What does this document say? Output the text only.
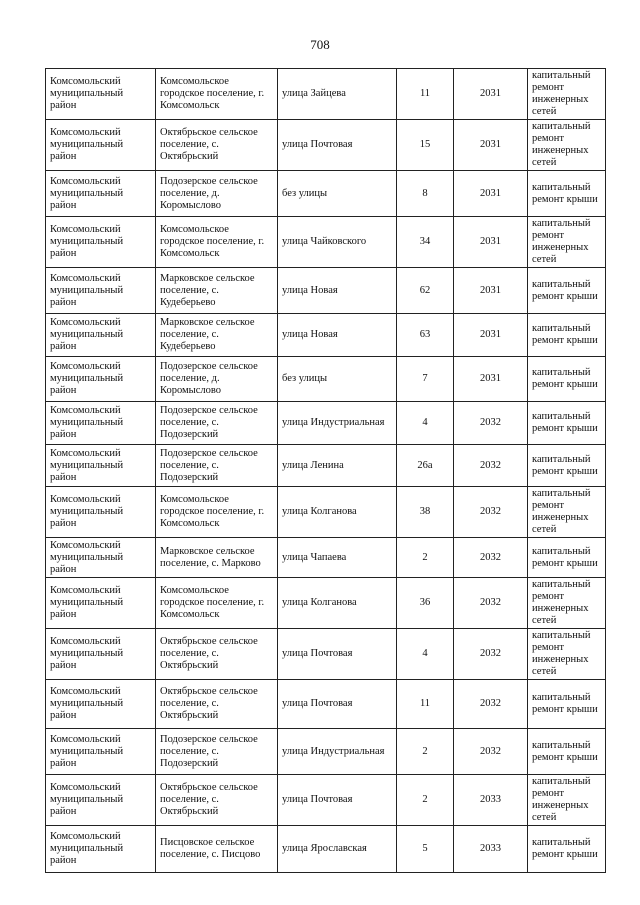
708
Комсомольский муниципальный район	Комсомольское городское поселение, г. Комсомольск	улица Зайцева	11	2031	капитальный ремонт инженерных сетей
Комсомольский муниципальный район	Октябрьское сельское поселение, с. Октябрьский	улица Почтовая	15	2031	капитальный ремонт инженерных сетей
Комсомольский муниципальный район	Подозерское сельское поселение, д. Коромыслово	без улицы	8	2031	капитальный ремонт крыши
Комсомольский муниципальный район	Комсомольское городское поселение, г. Комсомольск	улица Чайковского	34	2031	капитальный ремонт инженерных сетей
Комсомольский муниципальный район	Марковское сельское поселение, с. Кудеберьево	улица Новая	62	2031	капитальный ремонт крыши
Комсомольский муниципальный район	Марковское сельское поселение, с. Кудеберьево	улица Новая	63	2031	капитальный ремонт крыши
Комсомольский муниципальный район	Подозерское сельское поселение, д. Коромыслово	без улицы	7	2031	капитальный ремонт крыши
Комсомольский муниципальный район	Подозерское сельское поселение, с. Подозерский	улица Индустриальная	4	2032	капитальный ремонт крыши
Комсомольский муниципальный район	Подозерское сельское поселение, с. Подозерский	улица Ленина	26а	2032	капитальный ремонт крыши
Комсомольский муниципальный район	Комсомольское городское поселение, г. Комсомольск	улица Колганова	38	2032	капитальный ремонт инженерных сетей
Комсомольский муниципальный район	Марковское сельское поселение, с. Марково	улица Чапаева	2	2032	капитальный ремонт крыши
Комсомольский муниципальный район	Комсомольское городское поселение, г. Комсомольск	улица Колганова	36	2032	капитальный ремонт инженерных сетей
Комсомольский муниципальный район	Октябрьское сельское поселение, с. Октябрьский	улица Почтовая	4	2032	капитальный ремонт инженерных сетей
Комсомольский муниципальный район	Октябрьское сельское поселение, с. Октябрьский	улица Почтовая	11	2032	капитальный ремонт крыши
Комсомольский муниципальный район	Подозерское сельское поселение, с. Подозерский	улица Индустриальная	2	2032	капитальный ремонт крыши
Комсомольский муниципальный район	Октябрьское сельское поселение, с. Октябрьский	улица Почтовая	2	2033	капитальный ремонт инженерных сетей
Комсомольский муниципальный район	Писцовское сельское поселение, с. Писцово	улица Ярославская	5	2033	капитальный ремонт крыши
